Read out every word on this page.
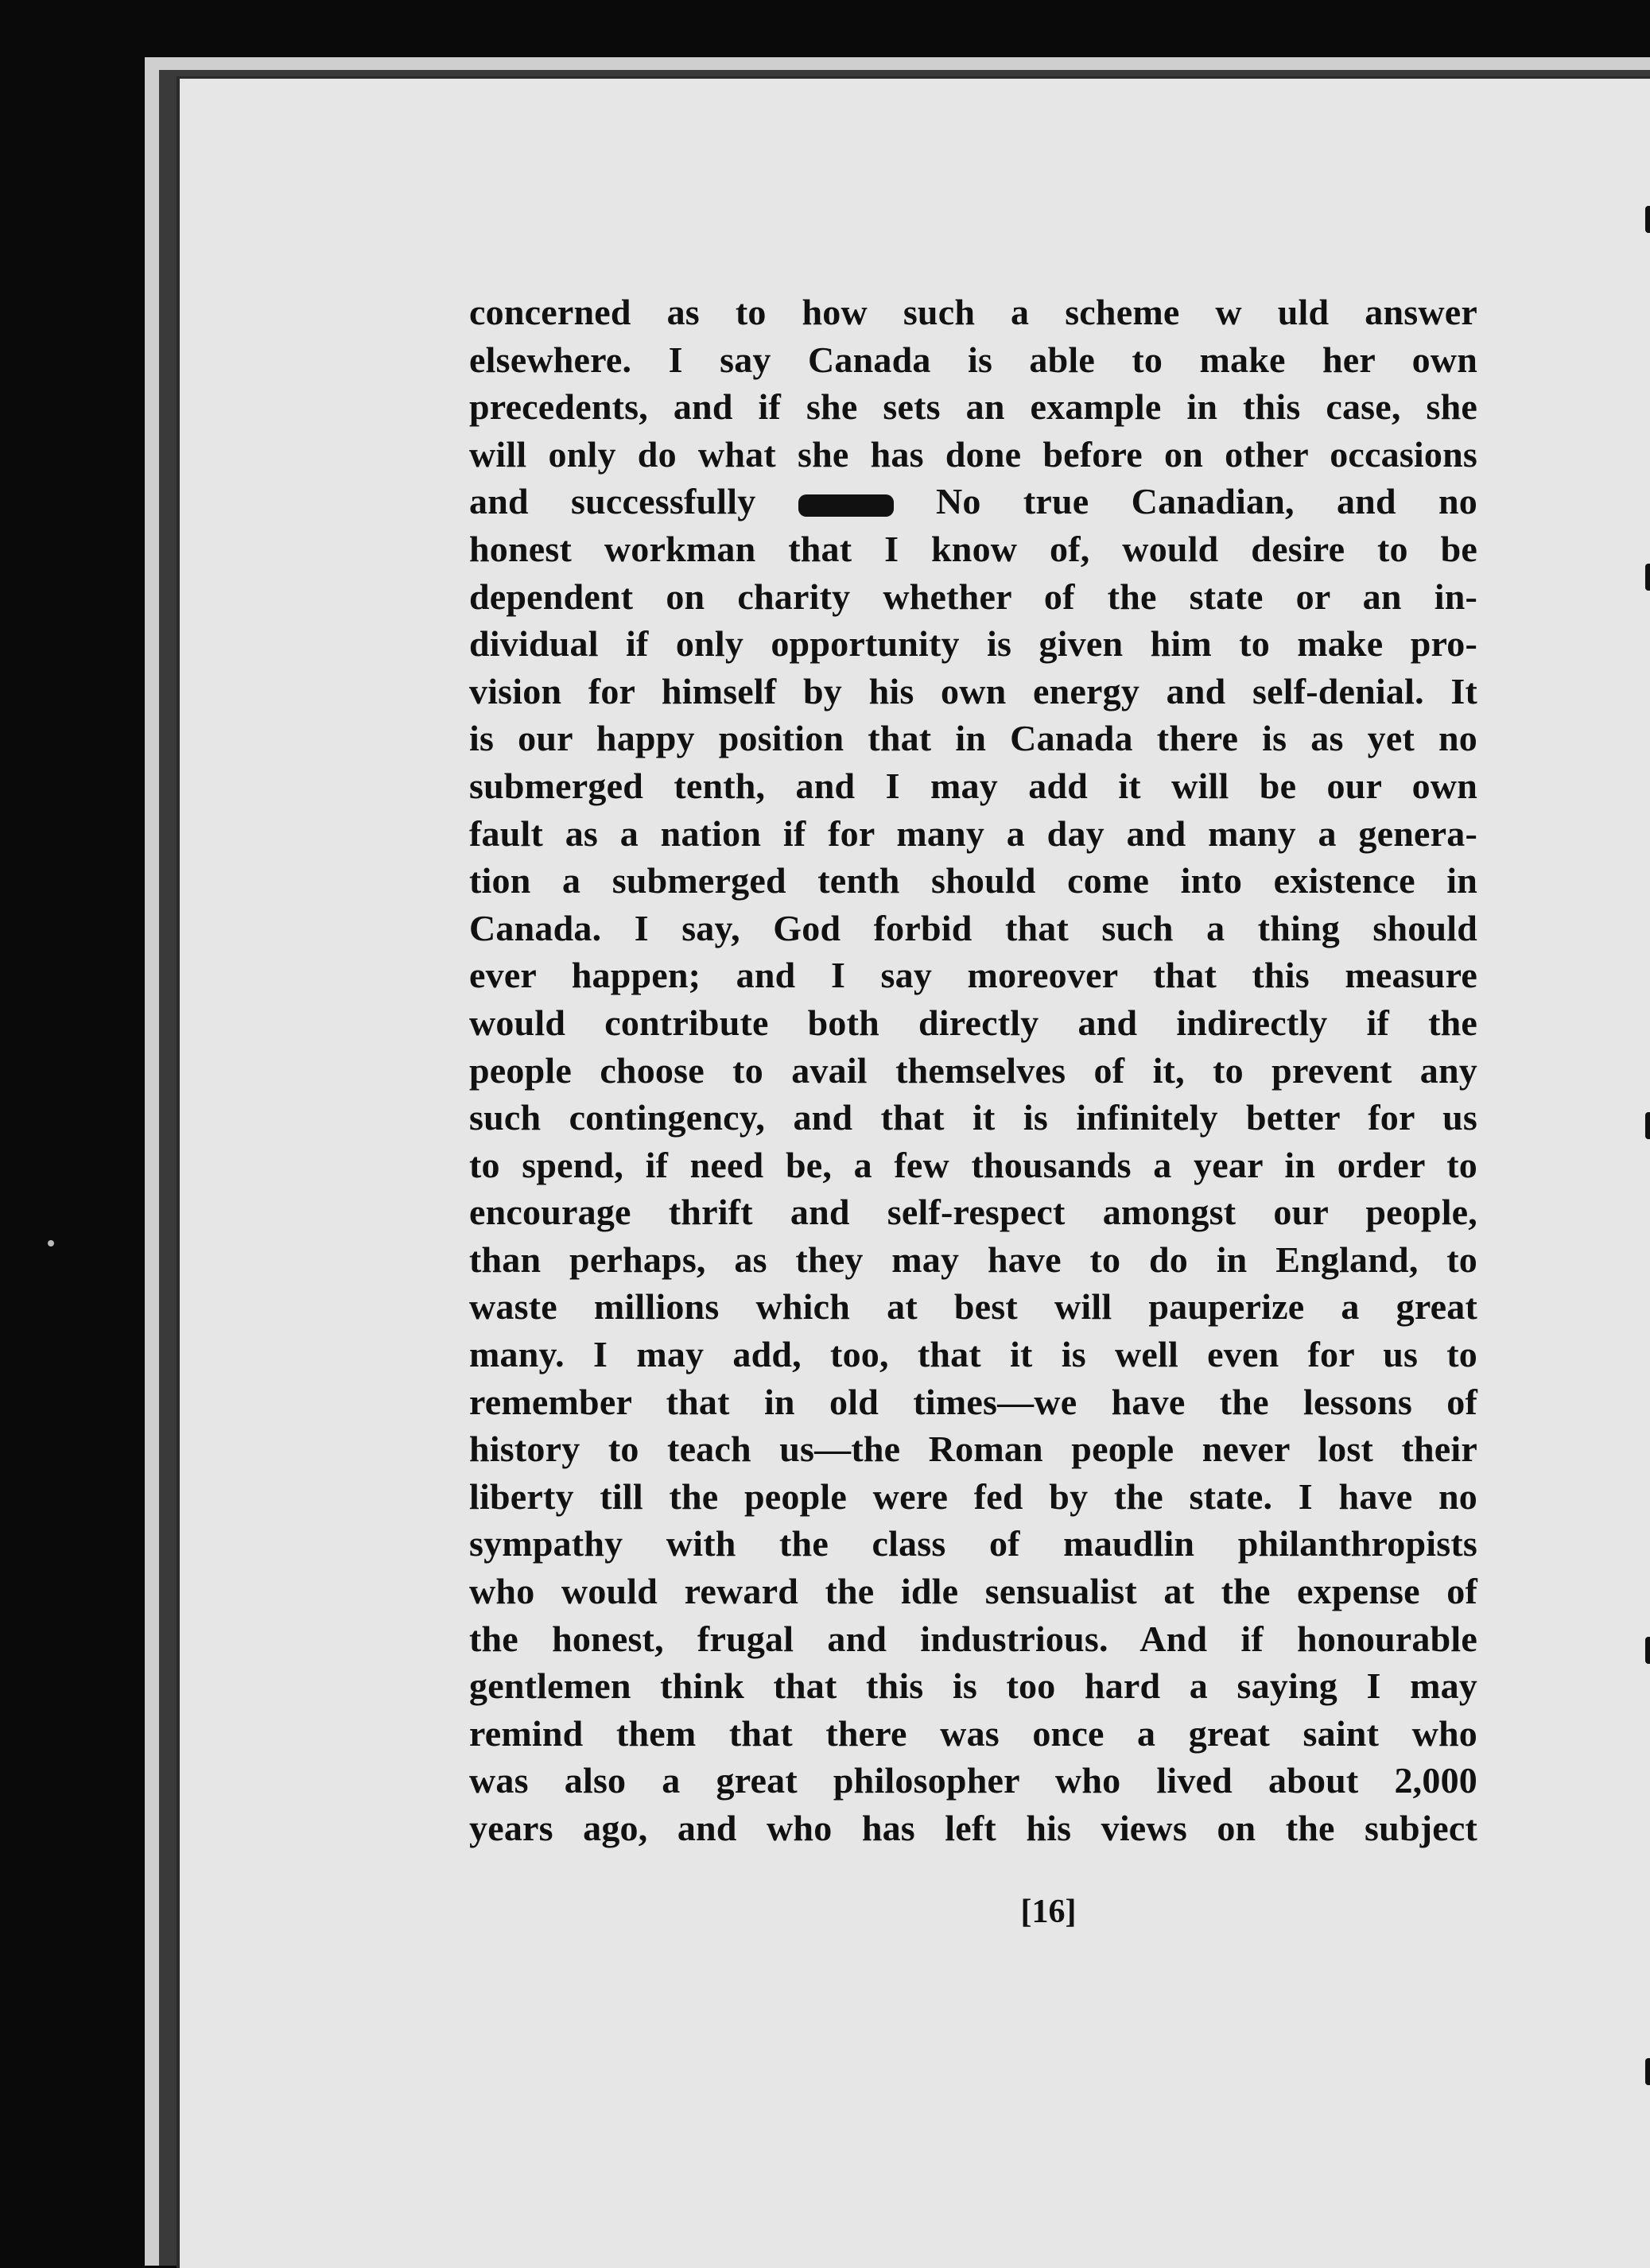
concerned as to how such a scheme w uld answer
elsewhere. I say Canada is able to make her own
precedents, and if she sets an example in this case, she
will only do what she has done before on other occasions
and successfully	No true Canadian, and no
honest workman that I know of, would desire to be
dependent on charity whether of the state or an in-
dividual if only opportunity is given him to make pro-
vision for himself by his own energy and self-denial. It
is our happy position that in Canada there is as yet no
submerged tenth, and I may add it will be our own
fault as a nation if for many a day and many a genera-
tion a submerged tenth should come into existence in
Canada. I say, God forbid that such a thing should
ever happen; and I say moreover that this measure
would contribute both directly and indirectly if the
people choose to avail themselves of it, to prevent any
such contingency, and that it is infinitely better for us
to spend, if need be, a few thousands a year in order to
encourage thrift and self-respect amongst our people,
than perhaps, as they may have to do in England, to
waste millions which at best will pauperize a great
many. I may add, too, that it is well even for us to
remember that in old times—we have the lessons of
history to teach us—the Roman people never lost their
liberty till the people were fed by the state. I have no
sympathy with the class of maudlin philanthropists
who would reward the idle sensualist at the expense of
the honest, frugal and industrious. And if honourable
gentlemen think that this is too hard a saying I may
remind them that there was once a great saint who
was also a great philosopher who lived about 2,000
years ago, and who has left his views on the subject
[16]
